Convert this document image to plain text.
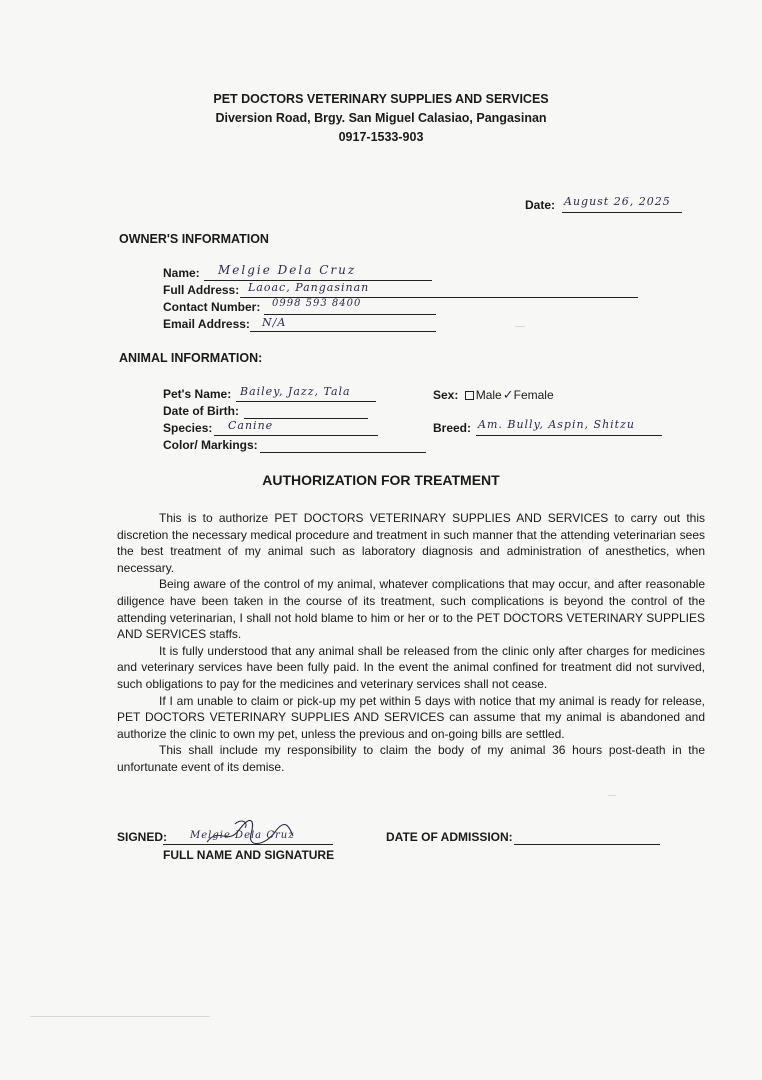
PET DOCTORS VETERINARY SUPPLIES AND SERVICES
Diversion Road, Brgy. San Miguel Calasiao, Pangasinan
0917-1533-903
Date: August 26, 2025
OWNER'S INFORMATION
Name: Melgie Dela Cruz
Full Address: Laoac, Pangasinan
Contact Number: 0998 593 8400
Email Address: N/A
ANIMAL INFORMATION:
Pet's Name: Bailey, Jazz, Tala
Date of Birth:
Species: Canine
Color/ Markings:
Sex: Male✓Female
Breed: Am. Bully, Aspin, Shitzu
AUTHORIZATION FOR TREATMENT

This is to authorize PET DOCTORS VETERINARY SUPPLIES AND SERVICES to carry out this discretion the necessary medical procedure and treatment in such manner that the attending veterinarian sees the best treatment of my animal such as laboratory diagnosis and administration of anesthetics, when necessary.

Being aware of the control of my animal, whatever complications that may occur, and after reasonable diligence have been taken in the course of its treatment, such complications is beyond the control of the attending veterinarian, I shall not hold blame to him or her or to the PET DOCTORS VETERINARY SUPPLIES AND SERVICES staffs.

It is fully understood that any animal shall be released from the clinic only after charges for medicines and veterinary services have been fully paid. In the event the animal confined for treatment did not survived, such obligations to pay for the medicines and veterinary services shall not cease.

If I am unable to claim or pick-up my pet within 5 days with notice that my animal is ready for release, PET DOCTORS VETERINARY SUPPLIES AND SERVICES can assume that my animal is abandoned and authorize the clinic to own my pet, unless the previous and on-going bills are settled.

This shall include my responsibility to claim the body of my animal 36 hours post-death in the unfortunate event of its demise.

SIGNED: Melgie Dela Cruz
FULL NAME AND SIGNATURE
DATE OF ADMISSION:
